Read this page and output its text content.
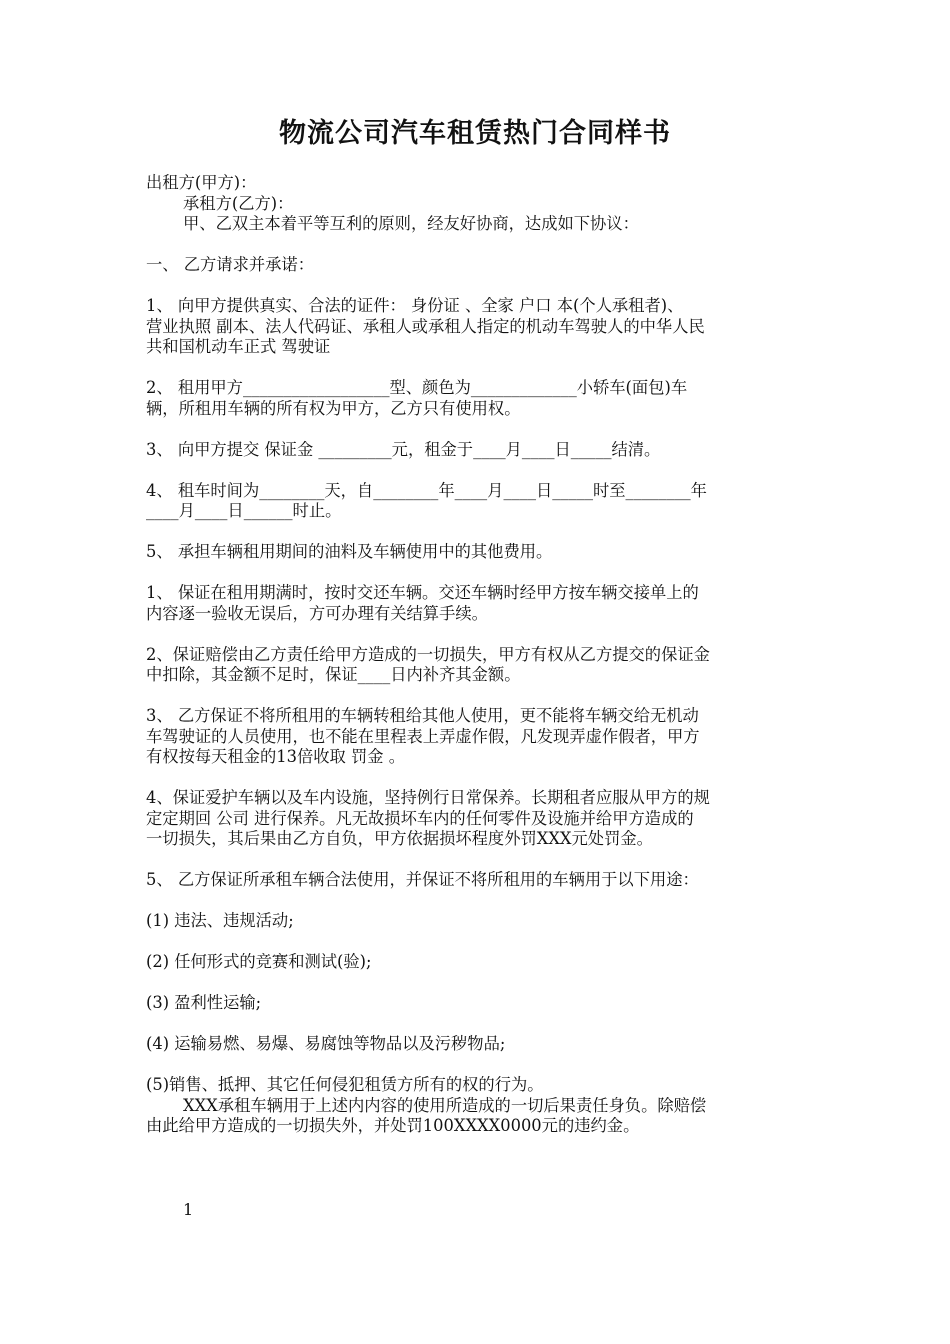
物流公司汽车租赁热门合同样书

出租方(甲方)：

承租方(乙方)：

甲、乙双主本着平等互利的原则，经友好协商，达成如下协议：

一、 乙方请求并承诺：

1、 向甲方提供真实、合法的证件： 身份证 、全家 户口 本(个人承租者)、

营业执照 副本、法人代码证、承租人或承租人指定的机动车驾驶人的中华人民

共和国机动车正式 驾驶证

2、 租用甲方__________________型、颜色为_____________小轿车(面包)车

辆，所租用车辆的所有权为甲方，乙方只有使用权。

3、 向甲方提交 保证金 _________元，租金于____月____日_____结清。

4、 租车时间为________天，自________年____月____日_____时至________年

____月____日______时止。

5、 承担车辆租用期间的油料及车辆使用中的其他费用。

1、 保证在租用期满时，按时交还车辆。交还车辆时经甲方按车辆交接单上的

内容逐一验收无误后，方可办理有关结算手续。

2、保证赔偿由乙方责任给甲方造成的一切损失，甲方有权从乙方提交的保证金

中扣除，其金额不足时，保证____日内补齐其金额。

3、 乙方保证不将所租用的车辆转租给其他人使用，更不能将车辆交给无机动

车驾驶证的人员使用，也不能在里程表上弄虚作假，凡发现弄虚作假者，甲方

有权按每天租金的13倍收取 罚金 。

4、保证爱护车辆以及车内设施，坚持例行日常保养。长期租者应服从甲方的规

定定期回 公司 进行保养。凡无故损坏车内的任何零件及设施并给甲方造成的

一切损失，其后果由乙方自负，甲方依据损坏程度外罚XXX元处罚金。

5、 乙方保证所承租车辆合法使用，并保证不将所租用的车辆用于以下用途：

(1) 违法、违规活动;

(2) 任何形式的竞赛和测试(验);

(3) 盈利性运输;

(4) 运输易燃、易爆、易腐蚀等物品以及污秽物品;

(5)销售、抵押、其它任何侵犯租赁方所有的权的行为。

XXX承租车辆用于上述内内容的使用所造成的一切后果责任身负。除赔偿

由此给甲方造成的一切损失外，并处罚100XXXX0000元的违约金。

1
